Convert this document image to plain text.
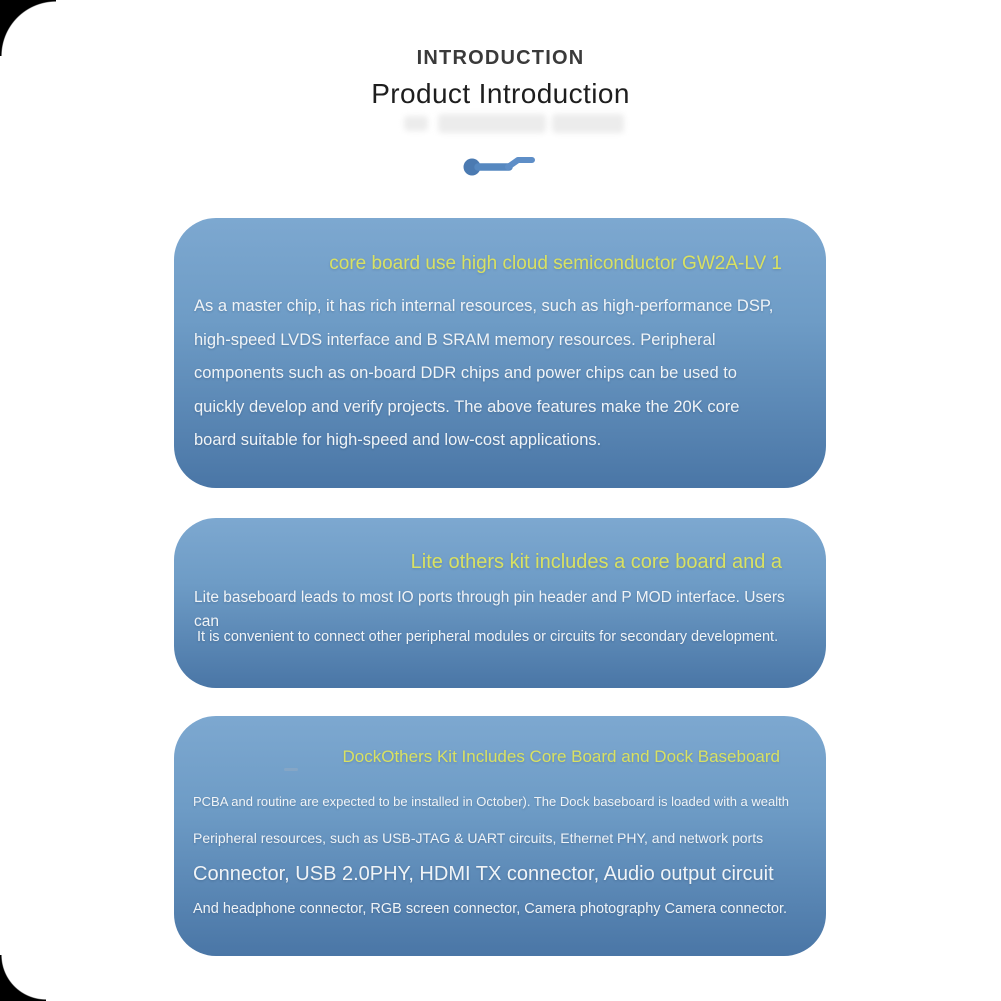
INTRODUCTION
Product Introduction
core board use high cloud semiconductor GW2A-LV 1

As a master chip, it has rich internal resources, such as high-performance DSP,

high-speed LVDS interface and B SRAM memory resources. Peripheral

components such as on-board DDR chips and power chips can be used to

quickly develop and verify projects. The above features make the 20K core

board suitable for high-speed and low-cost applications.

Lite others kit includes a core board and a

Lite baseboard leads to most IO ports through pin header and P MOD interface. Users

can

It is convenient to connect other peripheral modules or circuits for secondary development.

DockOthers Kit Includes Core Board and Dock Baseboard

PCBA and routine are expected to be installed in October). The Dock baseboard is loaded with a wealth

Peripheral resources, such as USB-JTAG & UART circuits, Ethernet PHY, and network ports

Connector, USB 2.0PHY, HDMI TX connector, Audio output circuit

And headphone connector, RGB screen connector, Camera photography Camera connector.
